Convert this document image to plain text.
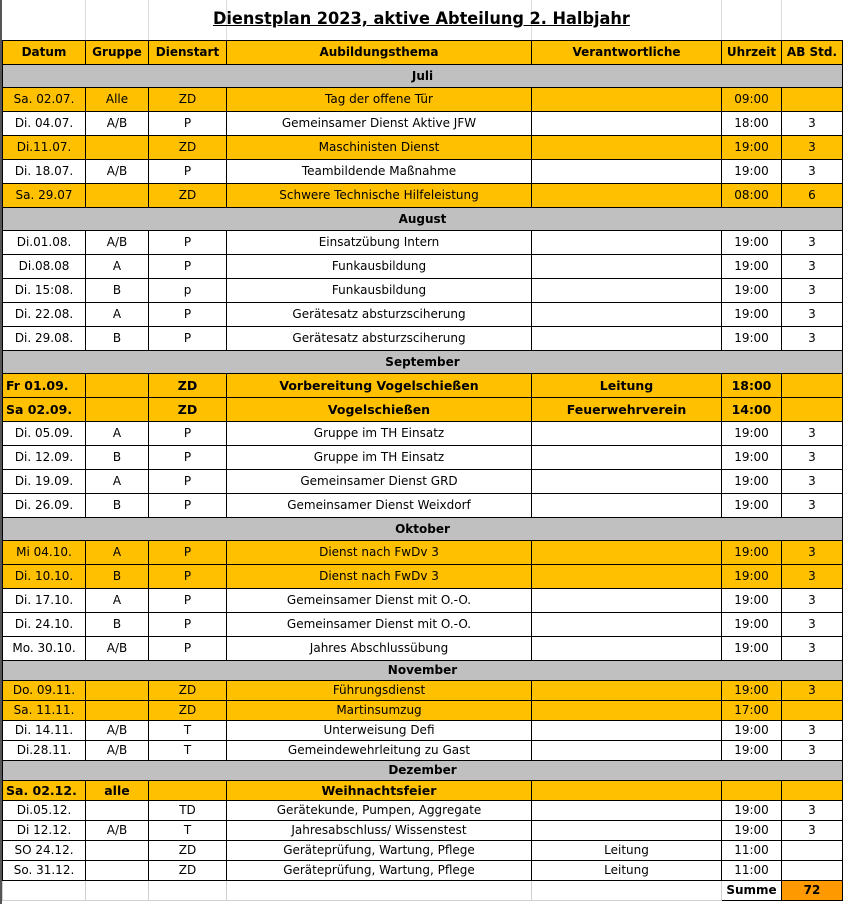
Dienstplan 2023, aktive Abteilung 2. Halbjahr
Datum	Gruppe	Dienstart	Aubildungsthema	Verantwortliche	Uhrzeit	AB Std.
Juli						
Sa. 02.07.	Alle	ZD	Tag der offene Tür		09:00	
Di. 04.07.	A/B	P	Gemeinsamer Dienst Aktive JFW		18:00	3
Di.11.07.		ZD	Maschinisten Dienst		19:00	3
Di. 18.07.	A/B	P	Teambildende Maßnahme		19:00	3
Sa. 29.07		ZD	Schwere Technische Hilfeleistung		08:00	6
August						
Di.01.08.	A/B	P	Einsatzübung Intern		19:00	3
Di.08.08	A	P	Funkausbildung		19:00	3
Di. 15:08.	B	p	Funkausbildung		19:00	3
Di. 22.08.	A	P	Gerätesatz absturzsciherung		19:00	3
Di. 29.08.	B	P	Gerätesatz absturzsciherung		19:00	3
September						
Fr 01.09.		ZD	Vorbereitung Vogelschießen	Leitung	18:00	
Sa 02.09.		ZD	Vogelschießen	Feuerwehrverein	14:00	
Di. 05.09.	A	P	Gruppe im TH Einsatz		19:00	3
Di. 12.09.	B	P	Gruppe im TH Einsatz		19:00	3
Di. 19.09.	A	P	Gemeinsamer Dienst GRD		19:00	3
Di. 26.09.	B	P	Gemeinsamer Dienst Weixdorf		19:00	3
Oktober						
Mi 04.10.	A	P	Dienst nach FwDv 3		19:00	3
Di. 10.10.	B	P	Dienst nach FwDv 3		19:00	3
Di. 17.10.	A	P	Gemeinsamer Dienst mit O.-O.		19:00	3
Di. 24.10.	B	P	Gemeinsamer Dienst mit O.-O.		19:00	3
Mo. 30.10.	A/B	P	Jahres Abschlussübung		19:00	3
November						
Do. 09.11.		ZD	Führungsdienst		19:00	3
Sa. 11.11.		ZD	Martinsumzug		17:00	
Di. 14.11.	A/B	T	Unterweisung Defi		19:00	3
Di.28.11.	A/B	T	Gemeindewehrleitung zu Gast		19:00	3
Dezember						
Sa. 02.12.	alle		Weihnachtsfeier			
Di.05.12.		TD	Gerätekunde, Pumpen, Aggregate		19:00	3
Di 12.12.	A/B	T	Jahresabschluss/ Wissenstest		19:00	3
SO 24.12.		ZD	Geräteprüfung, Wartung, Pflege	Leitung	11:00	
So. 31.12.		ZD	Geräteprüfung, Wartung, Pflege	Leitung	11:00	
					Summe	72
